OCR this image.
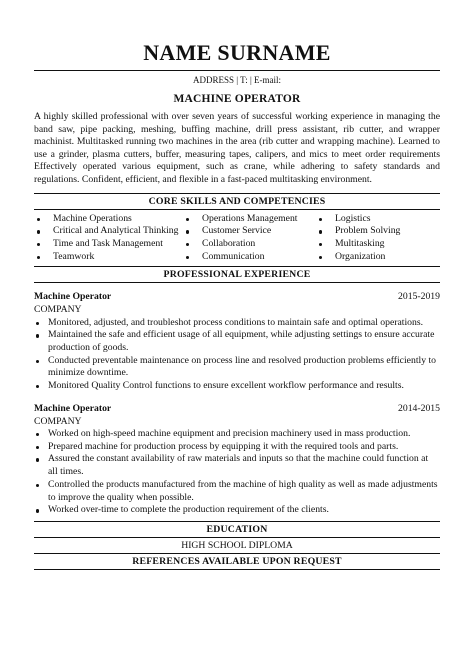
NAME SURNAME
ADDRESS | T: | E-mail:
MACHINE OPERATOR
A highly skilled professional with over seven years of successful working experience in managing the band saw, pipe packing, meshing, buffing machine, drill press assistant, rib cutter, and wrapper machinist. Multitasked running two machines in the area (rib cutter and wrapping machine). Learned to use a grinder, plasma cutters, buffer, measuring tapes, calipers, and mics to meet order requirements Effectively operated various equipment, such as crane, while adhering to safety standards and regulations. Confident, efficient, and flexible in a fast-paced multitasking environment.
CORE SKILLS AND COMPETENCIES
Machine Operations
Critical and Analytical Thinking
Time and Task Management
Teamwork
Operations Management
Customer Service
Collaboration
Communication
Logistics
Problem Solving
Multitasking
Organization
PROFESSIONAL EXPERIENCE
Machine Operator	2015-2019
COMPANY
Monitored, adjusted, and troubleshot process conditions to maintain safe and optimal operations.
Maintained the safe and efficient usage of all equipment, while adjusting settings to ensure accurate production of goods.
Conducted preventable maintenance on process line and resolved production problems efficiently to minimize downtime.
Monitored Quality Control functions to ensure excellent workflow performance and results.
Machine Operator	2014-2015
COMPANY
Worked on high-speed machine equipment and precision machinery used in mass production.
Prepared machine for production process by equipping it with the required tools and parts.
Assured the constant availability of raw materials and inputs so that the machine could function at all times.
Controlled the products manufactured from the machine of high quality as well as made adjustments to improve the quality when possible.
Worked over-time to complete the production requirement of the clients.
EDUCATION
HIGH SCHOOL DIPLOMA
REFERENCES AVAILABLE UPON REQUEST
